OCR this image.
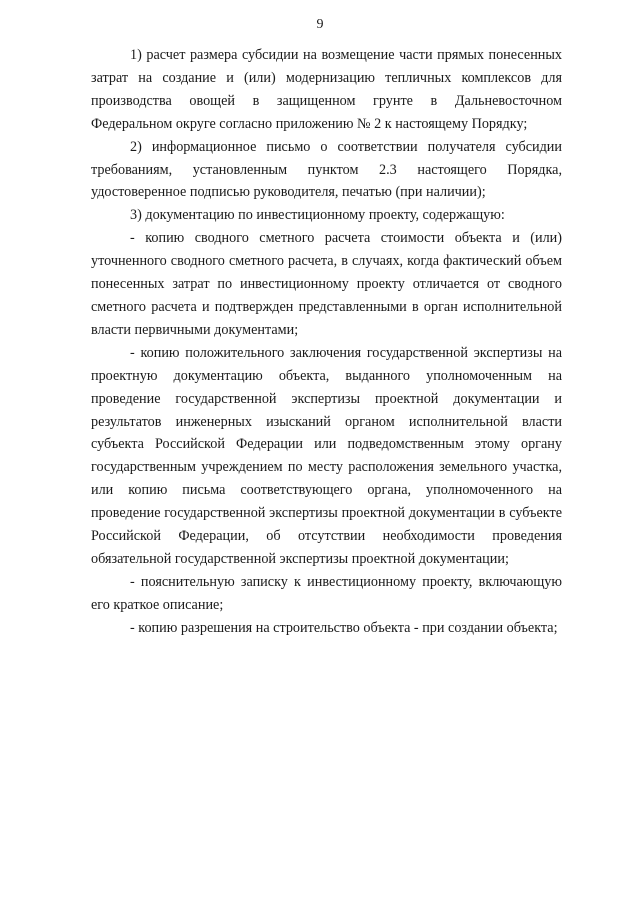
9

1) расчет размера субсидии на возмещение части прямых понесенных затрат на создание и (или) модернизацию тепличных комплексов для производства овощей в защищенном грунте в Дальневосточном Федеральном округе согласно приложению № 2 к настоящему Порядку;

2) информационное письмо о соответствии получателя субсидии требованиям, установленным пунктом 2.3 настоящего Порядка, удостоверенное подписью руководителя, печатью (при наличии);

3) документацию по инвестиционному проекту, содержащую:

- копию сводного сметного расчета стоимости объекта и (или) уточненного сводного сметного расчета, в случаях, когда фактический объем понесенных затрат по инвестиционному проекту отличается от сводного сметного расчета и подтвержден представленными в орган исполнительной власти первичными документами;

- копию положительного заключения государственной экспертизы на проектную документацию объекта, выданного уполномоченным на проведение государственной экспертизы проектной документации и результатов инженерных изысканий органом исполнительной власти субъекта Российской Федерации или подведомственным этому органу государственным учреждением по месту расположения земельного участка, или копию письма соответствующего органа, уполномоченного на проведение государственной экспертизы проектной документации в субъекте Российской Федерации, об отсутствии необходимости проведения обязательной государственной экспертизы проектной документации;

- пояснительную записку к инвестиционному проекту, включающую его краткое описание;

- копию разрешения на строительство объекта - при создании объекта;
